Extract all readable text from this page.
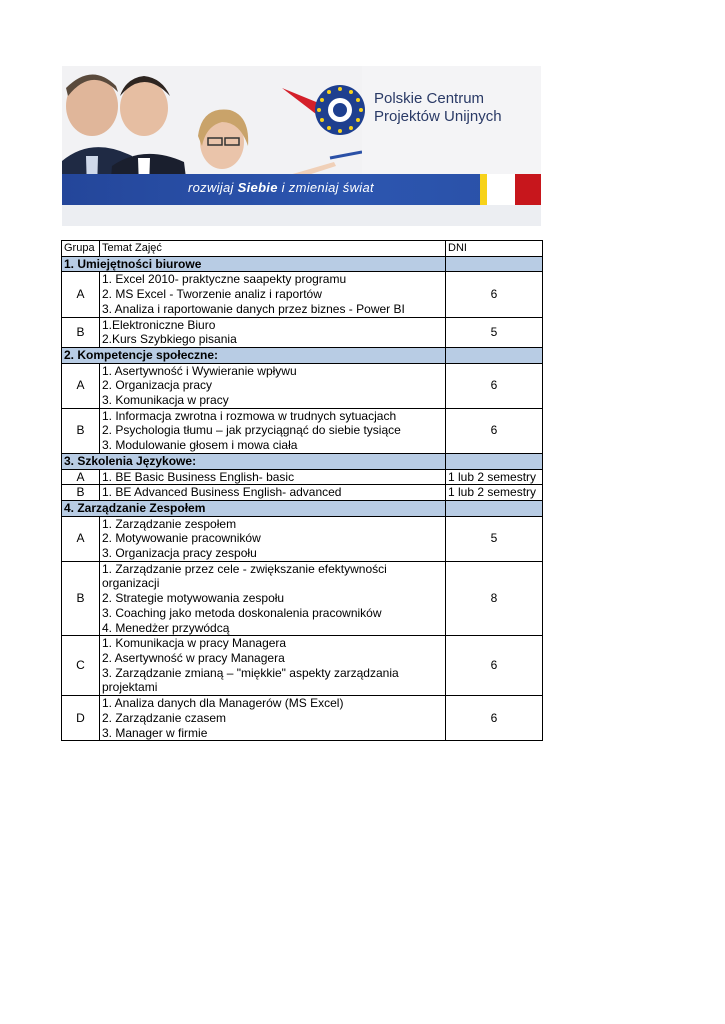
Polskie Centrum
Projektów Unijnych
rozwijaj Siebie i zmieniaj świat
Grupa	Temat Zajęć	DNI
1. Umiejętności biurowe		
A	1. Excel 2010- praktyczne saapekty programu
2. MS Excel - Tworzenie analiz i raportów
3. Analiza i raportowanie danych przez biznes - Power BI	6
B	1.Elektroniczne Biuro
2.Kurs Szybkiego pisania	5
2. Kompetencje społeczne:		
A	1. Asertywność i Wywieranie wpływu
2. Organizacja pracy
3. Komunikacja w pracy	6
B	1. Informacja zwrotna i rozmowa w trudnych sytuacjach
2. Psychologia tłumu – jak przyciągnąć do siebie tysiące
3. Modulowanie głosem i mowa ciała	6
3. Szkolenia Językowe:		
A	1. BE Basic Business English- basic	1 lub 2 semestry
B	1. BE Advanced Business English- advanced	1 lub 2 semestry
4. Zarządzanie Zespołem		
A	1. Zarządzanie zespołem
2. Motywowanie pracowników
3. Organizacja pracy zespołu	5
B	1. Zarządzanie przez cele - zwiększanie efektywności organizacji
2. Strategie motywowania zespołu
3. Coaching jako metoda doskonalenia pracowników
4. Menedżer przywódcą	8
C	1. Komunikacja w pracy Managera
2. Asertywność w pracy Managera
3. Zarządzanie zmianą – "miękkie" aspekty zarządzania projektami	6
D	1. Analiza danych dla Managerów (MS Excel)
2. Zarządzanie czasem
3. Manager w firmie	6
